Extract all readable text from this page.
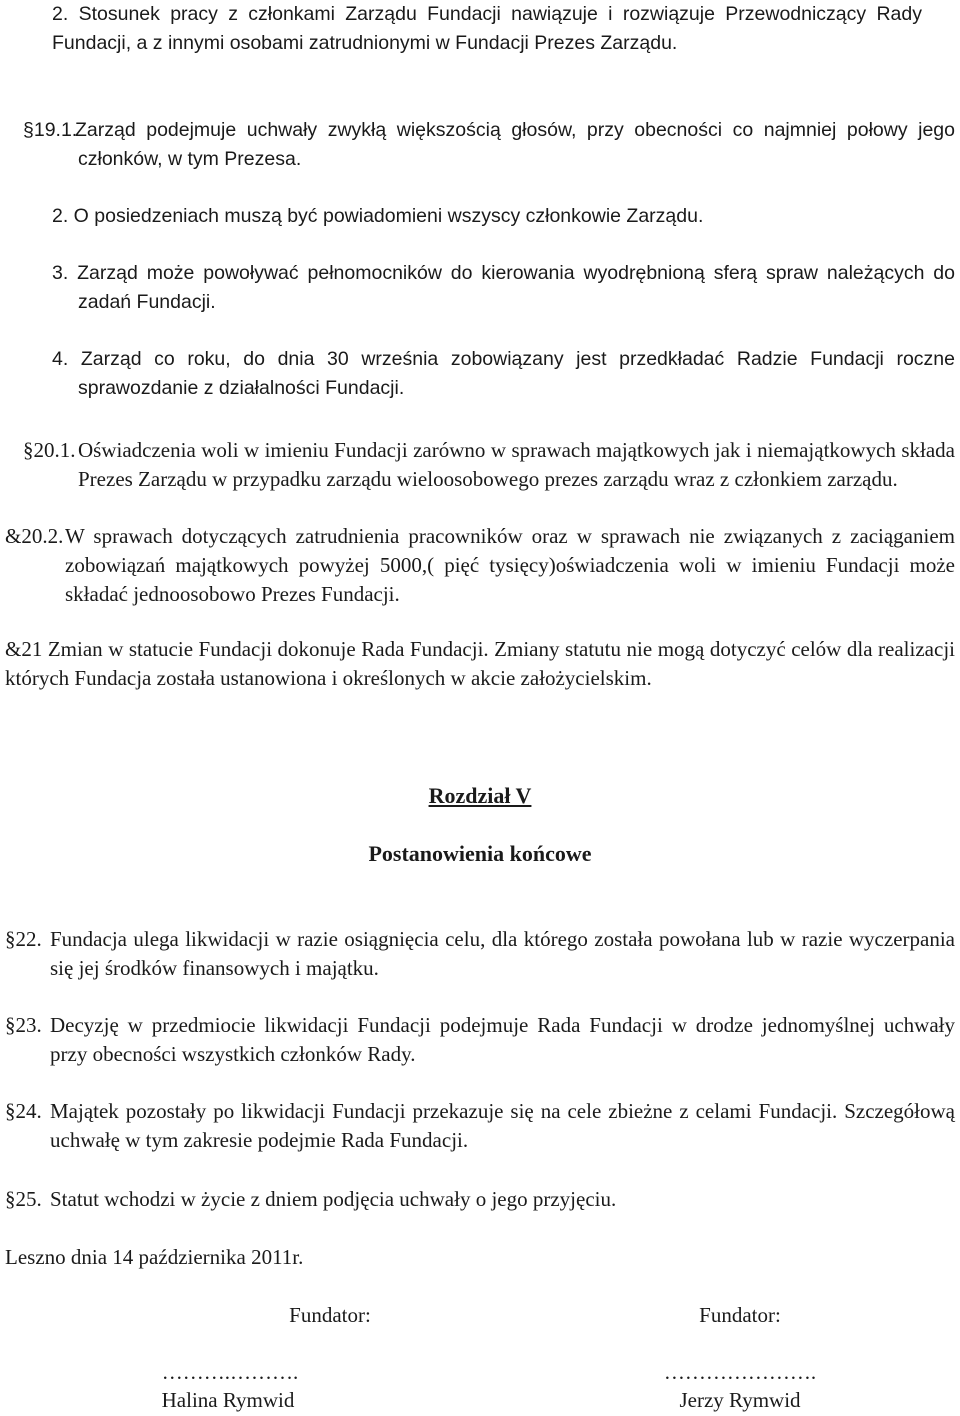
2. Stosunek pracy z członkami Zarządu Fundacji nawiązuje i rozwiązuje Przewodniczący Rady Fundacji, a z innymi osobami zatrudnionymi w Fundacji Prezes Zarządu.

§19.1.Zarząd podejmuje uchwały zwykłą większością głosów, przy obecności co najmniej połowy jego członków, w tym Prezesa.

2. O posiedzeniach muszą być powiadomieni wszyscy członkowie Zarządu.

3. Zarząd może powoływać pełnomocników do kierowania wyodrębnioną sferą spraw należących do zadań Fundacji.

4. Zarząd co roku, do dnia 30 września zobowiązany jest przedkładać Radzie Fundacji roczne sprawozdanie z działalności Fundacji.

§20.1. Oświadczenia woli w imieniu Fundacji zarówno w sprawach majątkowych jak i niemajątkowych składa Prezes Zarządu w przypadku zarządu wieloosobowego prezes zarządu wraz z członkiem zarządu.

&20.2.W sprawach dotyczących zatrudnienia pracowników oraz w sprawach nie związanych z zaciąganiem zobowiązań majątkowych powyżej 5000,( pięć tysięcy)oświadczenia woli w imieniu Fundacji może składać jednoosobowo Prezes Fundacji.

&21 Zmian w statucie Fundacji dokonuje Rada Fundacji. Zmiany statutu nie mogą dotyczyć celów dla realizacji których Fundacja została ustanowiona i określonych w akcie założycielskim.

Rozdział V
Postanowienia końcowe

§22. Fundacja ulega likwidacji w razie osiągnięcia celu, dla którego została powołana lub w razie wyczerpania się jej środków finansowych i majątku.

§23. Decyzję w przedmiocie likwidacji Fundacji podejmuje Rada Fundacji w drodze jednomyślnej uchwały przy obecności wszystkich członków Rady.

§24. Majątek pozostały po likwidacji Fundacji przekazuje się na cele zbieżne z celami Fundacji. Szczegółową uchwałę w tym zakresie podejmie Rada Fundacji.

§25. Statut wchodzi w życie z dniem podjęcia uchwały o jego przyjęciu.

Leszno dnia 14 października 2011r.

Fundator:	Fundator:
……….……….	………………….
Halina Rymwid	Jerzy Rymwid
